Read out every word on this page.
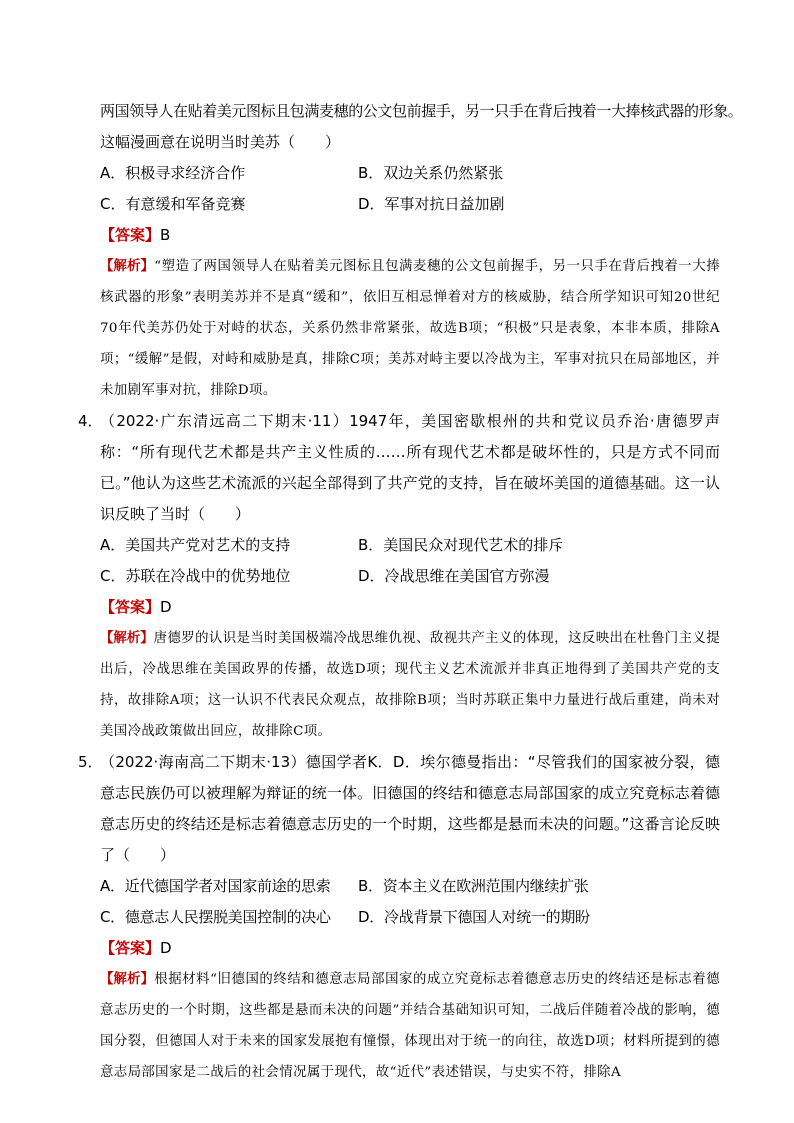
两国领导人在贴着美元图标且包满麦穗的公文包前握手，另一只手在背后拽着一大捧核武器的形象。
这幅漫画意在说明当时美苏（　　）
A．积极寻求经济合作	B．双边关系仍然紧张
C．有意缓和军备竞赛	D．军事对抗日益加剧
【答案】B
【解析】“塑造了两国领导人在贴着美元图标且包满麦穗的公文包前握手，另一只手在背后拽着一大捧核武器的形象”表明美苏并不是真“缓和”，依旧互相忌惮着对方的核威胁，结合所学知识可知20世纪70年代美苏仍处于对峙的状态，关系仍然非常紧张，故选B项；“积极”只是表象，本非本质，排除A项；“缓解”是假，对峙和威胁是真，排除C项；美苏对峙主要以冷战为主，军事对抗只在局部地区，并未加剧军事对抗，排除D项。
4．
（2022·广东清远高二下期末·11）1947年，美国密歇根州的共和党议员乔治·唐德罗声称：“所有现代艺术都是共产主义性质的……所有现代艺术都是破坏性的，只是方式不同而已。”他认为这些艺术流派的兴起全部得到了共产党的支持，旨在破坏美国的道德基础。这一认识反映了当时（　　）
A．美国共产党对艺术的支持	B．美国民众对现代艺术的排斥
C．苏联在冷战中的优势地位	D．冷战思维在美国官方弥漫
【答案】D
【解析】唐德罗的认识是当时美国极端冷战思维仇视、敌视共产主义的体现，这反映出在杜鲁门主义提出后，冷战思维在美国政界的传播，故选D项；现代主义艺术流派并非真正地得到了美国共产党的支持，故排除A项；这一认识不代表民众观点，故排除B项；当时苏联正集中力量进行战后重建，尚未对美国冷战政策做出回应，故排除C项。
5．
（2022·海南高二下期末·13）德国学者K．D．埃尔德曼指出：“尽管我们的国家被分裂，德意志民族仍可以被理解为辩证的统一体。旧德国的终结和德意志局部国家的成立究竟标志着德意志历史的终结还是标志着德意志历史的一个时期，这些都是悬而未决的问题。”这番言论反映了（　　）
A．近代德国学者对国家前途的思索	B．资本主义在欧洲范围内继续扩张
C．德意志人民摆脱美国控制的决心	D．冷战背景下德国人对统一的期盼
【答案】D
【解析】根据材料“旧德国的终结和德意志局部国家的成立究竟标志着德意志历史的终结还是标志着德意志历史的一个时期，这些都是悬而未决的问题”并结合基础知识可知，二战后伴随着冷战的影响，德国分裂，但德国人对于未来的国家发展抱有憧憬，体现出对于统一的向往，故选D项；材料所提到的德意志局部国家是二战后的社会情况属于现代，故“近代”表述错误，与史实不符，排除A
